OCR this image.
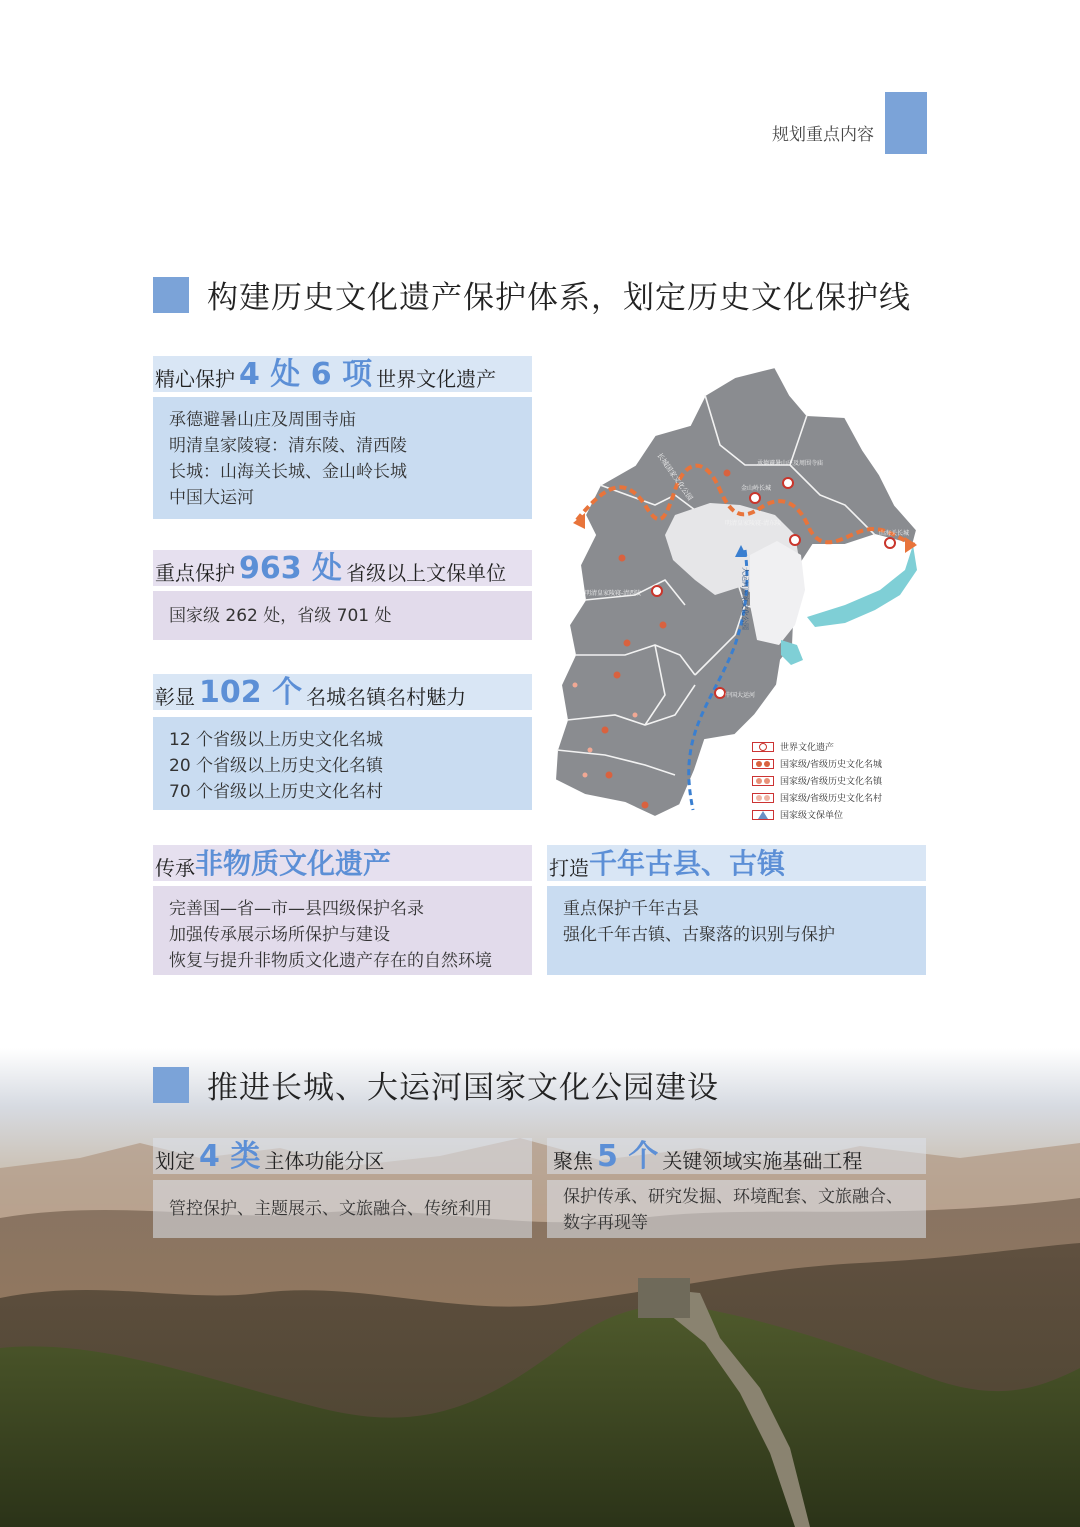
规划重点内容
构建历史文化遗产保护体系，划定历史文化保护线
精心保护 4 处 6 项 世界文化遗产
承德避暑山庄及周围寺庙
明清皇家陵寝：清东陵、清西陵
长城：山海关长城、金山岭长城
中国大运河
重点保护 963 处 省级以上文保单位
国家级 262 处，省级 701 处
彰显 102 个 名城名镇名村魅力
12 个省级以上历史文化名城
20 个省级以上历史文化名镇
70 个省级以上历史文化名村
传承 非物质文化遗产
完善国—省—市—县四级保护名录
加强传承展示场所保护与建设
恢复与提升非物质文化遗产存在的自然环境
打造 千年古县、古镇
重点保护千年古县
强化千年古镇、古聚落的识别与保护
承德避暑山庄及周围寺庙
金山岭长城
明清皇家陵寝-清东陵
明清皇家陵寝-清西陵
山海关长城
中国大运河
长城国家文化公园
大运河国家文化公园
世界文化遗产
国家级/省级历史文化名城
国家级/省级历史文化名镇
国家级/省级历史文化名村
国家级文保单位
推进长城、大运河国家文化公园建设
划定 4 类 主体功能分区
管控保护、主题展示、文旅融合、传统利用
聚焦 5 个 关键领域实施基础工程
保护传承、研究发掘、环境配套、文旅融合、
数字再现等
